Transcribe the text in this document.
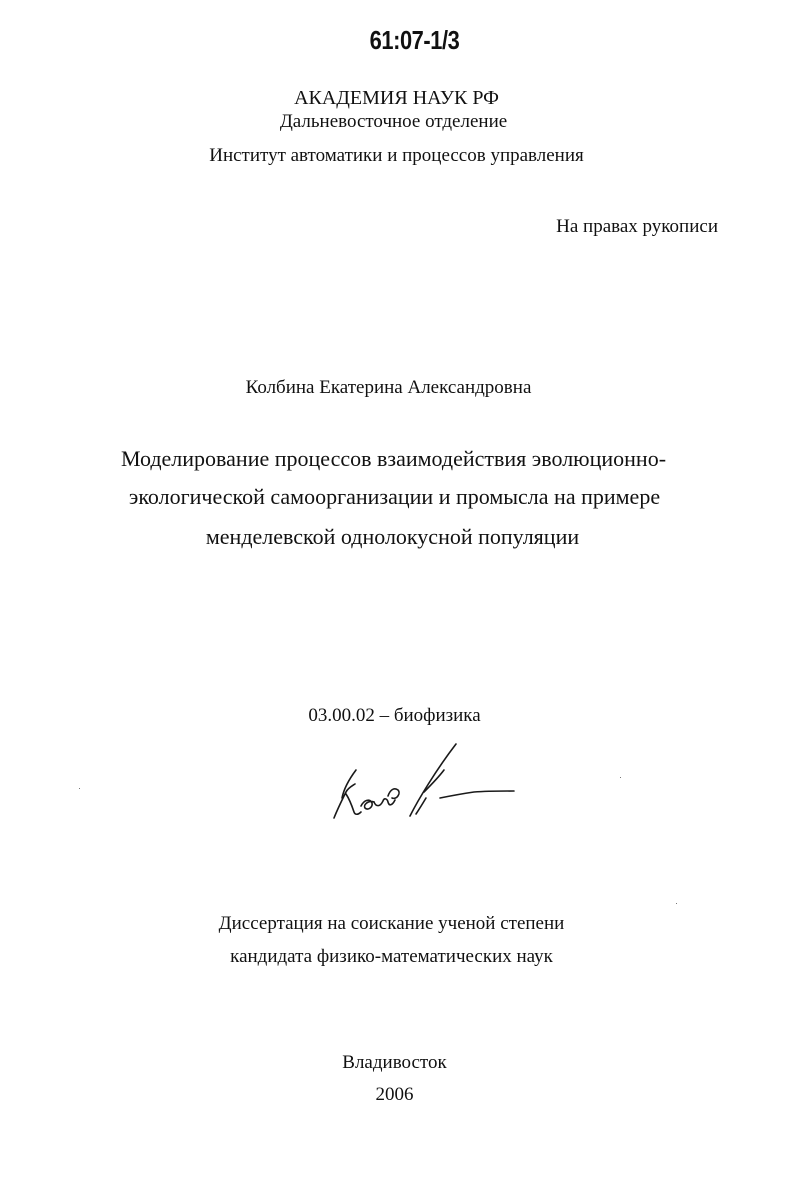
61:07-1/3
АКАДЕМИЯ НАУК РФ
Дальневосточное отделение
Институт автоматики и процессов управления
На правах рукописи
Колбина Екатерина Александровна
Моделирование процессов взаимодействия эволюционно-
экологической самоорганизации и промысла на примере
менделевской однолокусной популяции
03.00.02 – биофизика
Диссертация на соискание ученой степени
кандидата физико-математических наук
Владивосток
2006
